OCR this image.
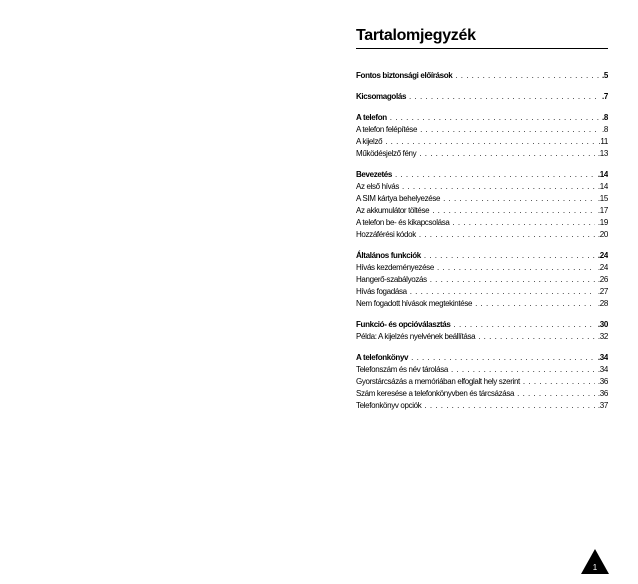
Tartalomjegyzék
Fontos biztonsági előírások . . .	.5
Kicsomagolás . . .	.7
A telefon . . .	.8
A telefon felépítése . . .	.8
A kijelző . . .	.11
Működésjelző fény . . .	.13
Bevezetés . . .	.14
Az első hívás . . .	.14
A SIM kártya behelyezése . . .	.15
Az akkumulátor töltése . . .	.17
A telefon be- és kikapcsolása . . .	.19
Hozzáférési kódok . . .	.20
Általános funkciók . . .	.24
Hívás kezdeményezése . . .	.24
Hangerő-szabályozás . . .	.26
Hívás fogadása . . .	.27
Nem fogadott hívások megtekintése . . .	.28
Funkció- és opcióválasztás . . .	.30
Példa: A kijelzés nyelvének beállítása . . .	.32
A telefonkönyv . . .	.34
Telefonszám és név tárolása . . .	.34
Gyorstárcsázás a memóriában elfoglalt hely szerint . . .	.36
Szám keresése a telefonkönyvben és tárcsázása . . .	.36
Telefonkönyv opciók . . .	.37
1
